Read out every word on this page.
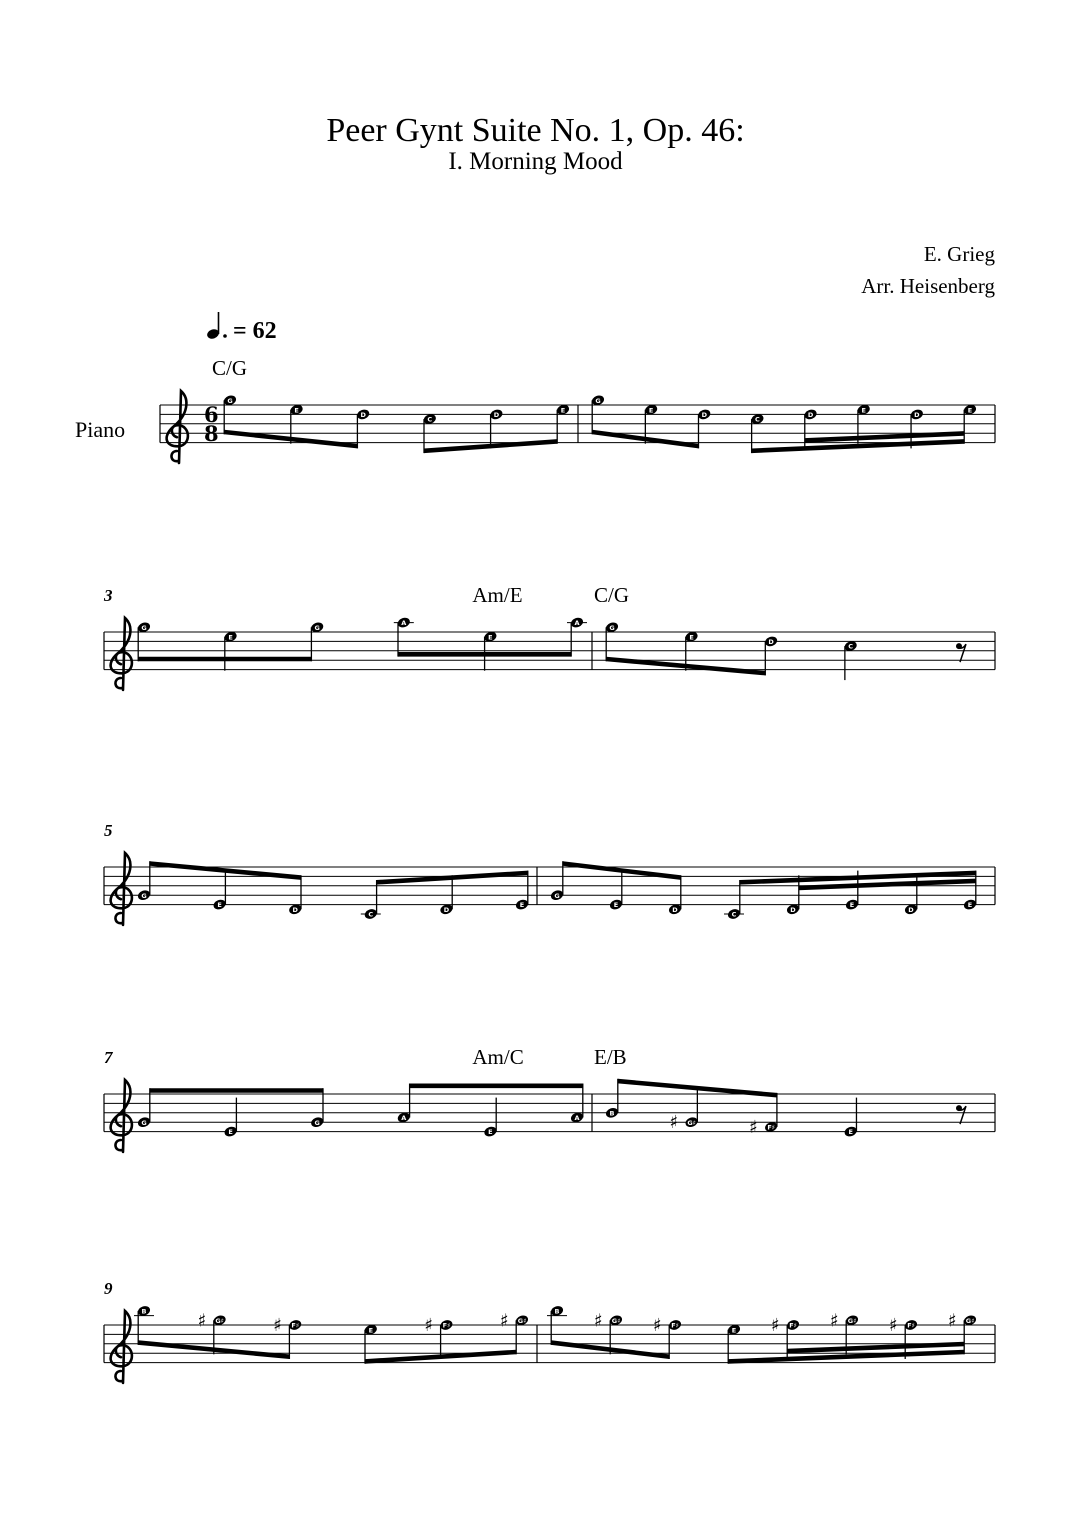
Peer Gynt Suite No. 1, Op. 46:
I. Morning Mood
E. Grieg
Arr. Heisenberg
= 62
Piano
6
8
C/G
G
E
D
C
D
E
G
E
D
C
D
E
D
E
3	Am/E
G
E
G
A
E
A
C/G
G
E
D
C
5
G
E
D
C
D
E
G
E
D
C
D
E
D
E
7	Am/C
G
E
G
A
E
A
E/B
B	♯ G♯	♯ F♯
E
9
B	♯ G♯	♯ F♯
E	♯ F♯	♯ G♯
B ♯ G♯ ♯ F♯
E ♯ F♯ ♯ G♯ ♯ F♯ ♯ G♯
